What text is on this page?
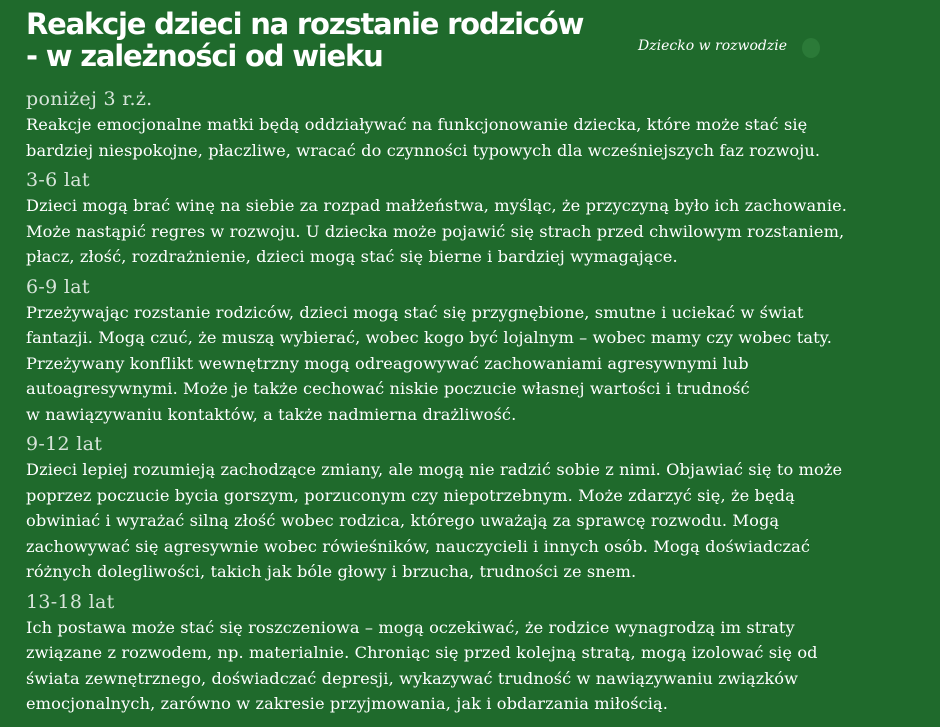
Reakcje dzieci na rozstanie rodziców
- w zależności od wieku	Dziecko w rozwodzie
poniżej 3 r.ż.

Reakcje emocjonalne matki będą oddziaływać na funkcjonowanie dziecka, które może stać się
bardziej niespokojne, płaczliwe, wracać do czynności typowych dla wcześniejszych faz rozwoju.

3-6 lat

Dzieci mogą brać winę na siebie za rozpad małżeństwa, myśląc, że przyczyną było ich zachowanie.
Może nastąpić regres w rozwoju. U dziecka może pojawić się strach przed chwilowym rozstaniem,
płacz, złość, rozdrażnienie, dzieci mogą stać się bierne i bardziej wymagające.

6-9 lat

Przeżywając rozstanie rodziców, dzieci mogą stać się przygnębione, smutne i uciekać w świat
fantazji. Mogą czuć, że muszą wybierać, wobec kogo być lojalnym – wobec mamy czy wobec taty.
Przeżywany konflikt wewnętrzny mogą odreagowywać zachowaniami agresywnymi lub
autoagresywnymi. Może je także cechować niskie poczucie własnej wartości i trudność
w nawiązywaniu kontaktów, a także nadmierna drażliwość.

9-12 lat

Dzieci lepiej rozumieją zachodzące zmiany, ale mogą nie radzić sobie z nimi. Objawiać się to może
poprzez poczucie bycia gorszym, porzuconym czy niepotrzebnym. Może zdarzyć się, że będą
obwiniać i wyrażać silną złość wobec rodzica, którego uważają za sprawcę rozwodu. Mogą
zachowywać się agresywnie wobec rówieśników, nauczycieli i innych osób. Mogą doświadczać
różnych dolegliwości, takich jak bóle głowy i brzucha, trudności ze snem.

13-18 lat

Ich postawa może stać się roszczeniowa – mogą oczekiwać, że rodzice wynagrodzą im straty
związane z rozwodem, np. materialnie. Chroniąc się przed kolejną stratą, mogą izolować się od
świata zewnętrznego, doświadczać depresji, wykazywać trudność w nawiązywaniu związków
emocjonalnych, zarówno w zakresie przyjmowania, jak i obdarzania miłością.
